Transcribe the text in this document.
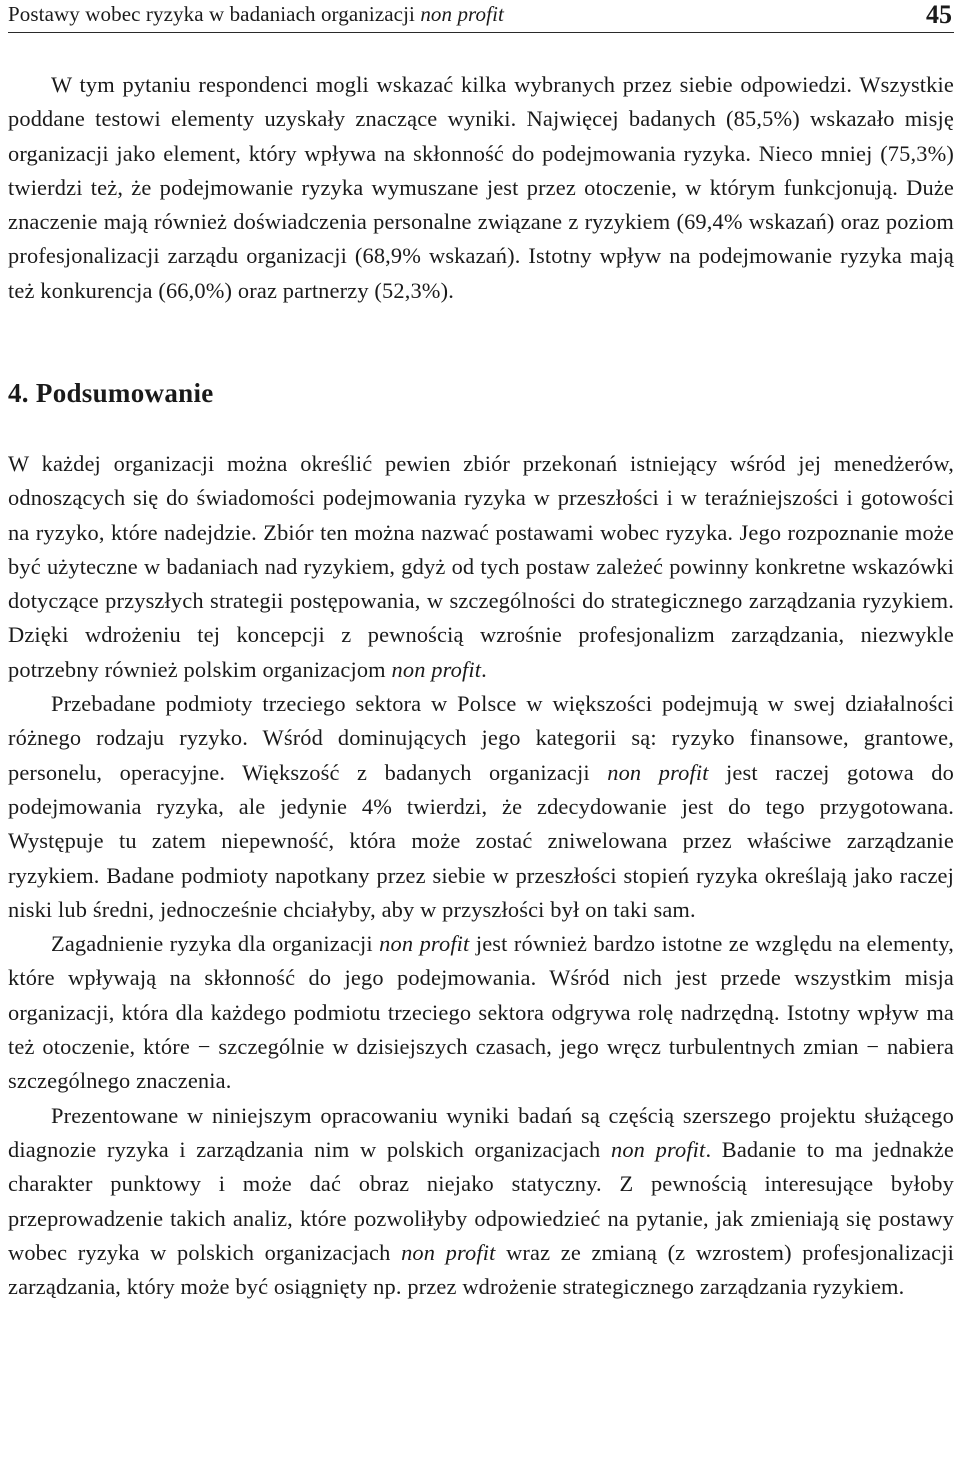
Postawy wobec ryzyka w badaniach organizacji non profit	45

W tym pytaniu respondenci mogli wskazać kilka wybranych przez siebie odpowiedzi. Wszystkie poddane testowi elementy uzyskały znaczące wyniki. Najwięcej badanych (85,5%) wskazało misję organizacji jako element, który wpływa na skłonność do podejmowania ryzyka. Nieco mniej (75,3%) twierdzi też, że podejmowanie ryzyka wymuszane jest przez otoczenie, w którym funkcjonują. Duże znaczenie mają również doświadczenia personalne związane z ryzykiem (69,4% wskazań) oraz poziom profesjonalizacji zarządu organizacji (68,9% wskazań). Istotny wpływ na podejmowanie ryzyka mają też konkurencja (66,0%) oraz partnerzy (52,3%).

4. Podsumowanie

W każdej organizacji można określić pewien zbiór przekonań istniejący wśród jej menedżerów, odnoszących się do świadomości podejmowania ryzyka w przeszłości i w teraźniejszości i gotowości na ryzyko, które nadejdzie. Zbiór ten można nazwać postawami wobec ryzyka. Jego rozpoznanie może być użyteczne w badaniach nad ryzykiem, gdyż od tych postaw zależeć powinny konkretne wskazówki dotyczące przyszłych strategii postępowania, w szczególności do strategicznego zarządzania ryzykiem. Dzięki wdrożeniu tej koncepcji z pewnością wzrośnie profesjonalizm zarządzania, niezwykle potrzebny również polskim organizacjom non profit.

Przebadane podmioty trzeciego sektora w Polsce w większości podejmują w swej działalności różnego rodzaju ryzyko. Wśród dominujących jego kategorii są: ryzyko finansowe, grantowe, personelu, operacyjne. Większość z badanych organizacji non profit jest raczej gotowa do podejmowania ryzyka, ale jedynie 4% twierdzi, że zdecydowanie jest do tego przygotowana. Występuje tu zatem niepewność, która może zostać zniwelowana przez właściwe zarządzanie ryzykiem. Badane podmioty napotkany przez siebie w przeszłości stopień ryzyka określają jako raczej niski lub średni, jednocześnie chciałyby, aby w przyszłości był on taki sam.

Zagadnienie ryzyka dla organizacji non profit jest również bardzo istotne ze względu na elementy, które wpływają na skłonność do jego podejmowania. Wśród nich jest przede wszystkim misja organizacji, która dla każdego podmiotu trzeciego sektora odgrywa rolę nadrzędną. Istotny wpływ ma też otoczenie, które − szczególnie w dzisiejszych czasach, jego wręcz turbulentnych zmian − nabiera szczególnego znaczenia.

Prezentowane w niniejszym opracowaniu wyniki badań są częścią szerszego projektu służącego diagnozie ryzyka i zarządzania nim w polskich organizacjach non profit. Badanie to ma jednakże charakter punktowy i może dać obraz niejako statyczny. Z pewnością interesujące byłoby przeprowadzenie takich analiz, które pozwoliłyby odpowiedzieć na pytanie, jak zmieniają się postawy wobec ryzyka w polskich organizacjach non profit wraz ze zmianą (z wzrostem) profesjonalizacji zarządzania, który może być osiągnięty np. przez wdrożenie strategicznego zarządzania ryzykiem.
